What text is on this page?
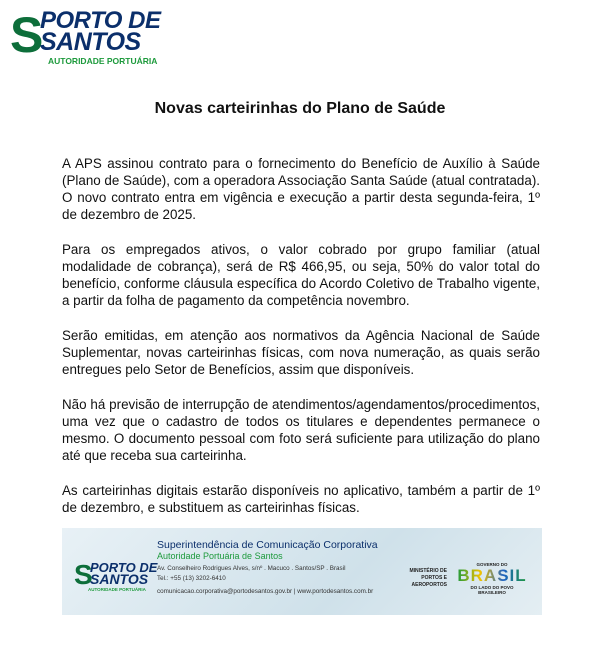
S
PORTO DE
SANTOS
AUTORIDADE PORTUÁRIA
Novas carteirinhas do Plano de Saúde

A APS assinou contrato para o fornecimento do Benefício de Auxílio à Saúde (Plano de Saúde), com a operadora Associação Santa Saúde (atual contratada). O novo contrato entra em vigência e execução a partir desta segunda-feira, 1º de dezembro de 2025.

Para os empregados ativos, o valor cobrado por grupo familiar (atual modalidade de cobrança), será de R$ 466,95, ou seja, 50% do valor total do benefício, conforme cláusula específica do Acordo Coletivo de Trabalho vigente, a partir da folha de pagamento da competência novembro.

Serão emitidas, em atenção aos normativos da Agência Nacional de Saúde Suplementar, novas carteirinhas físicas, com nova numeração, as quais serão entregues pelo Setor de Benefícios, assim que disponíveis.

Não há previsão de interrupção de atendimentos/agendamentos/procedimentos, uma vez que o cadastro de todos os titulares e dependentes permanece o mesmo. O documento pessoal com foto será suficiente para utilização do plano até que receba sua carteirinha.

As carteirinhas digitais estarão disponíveis no aplicativo, também a partir de 1º de dezembro, e substituem as carteirinhas físicas.

S
PORTO DE
SANTOS
AUTORIDADE PORTUÁRIA
Superintendência de Comunicação Corporativa
Autoridade Portuária de Santos
Av. Conselheiro Rodrigues Alves, s/nº . Macuco . Santos/SP . Brasil
Tel.: +55 (13) 3202-6410
comunicacao.corporativa@portodesantos.gov.br | www.portodesantos.com.br
MINISTÉRIO DE
PORTOS E
AEROPORTOS
GOVERNO DO
BRASIL
DO LADO DO POVO BRASILEIRO
